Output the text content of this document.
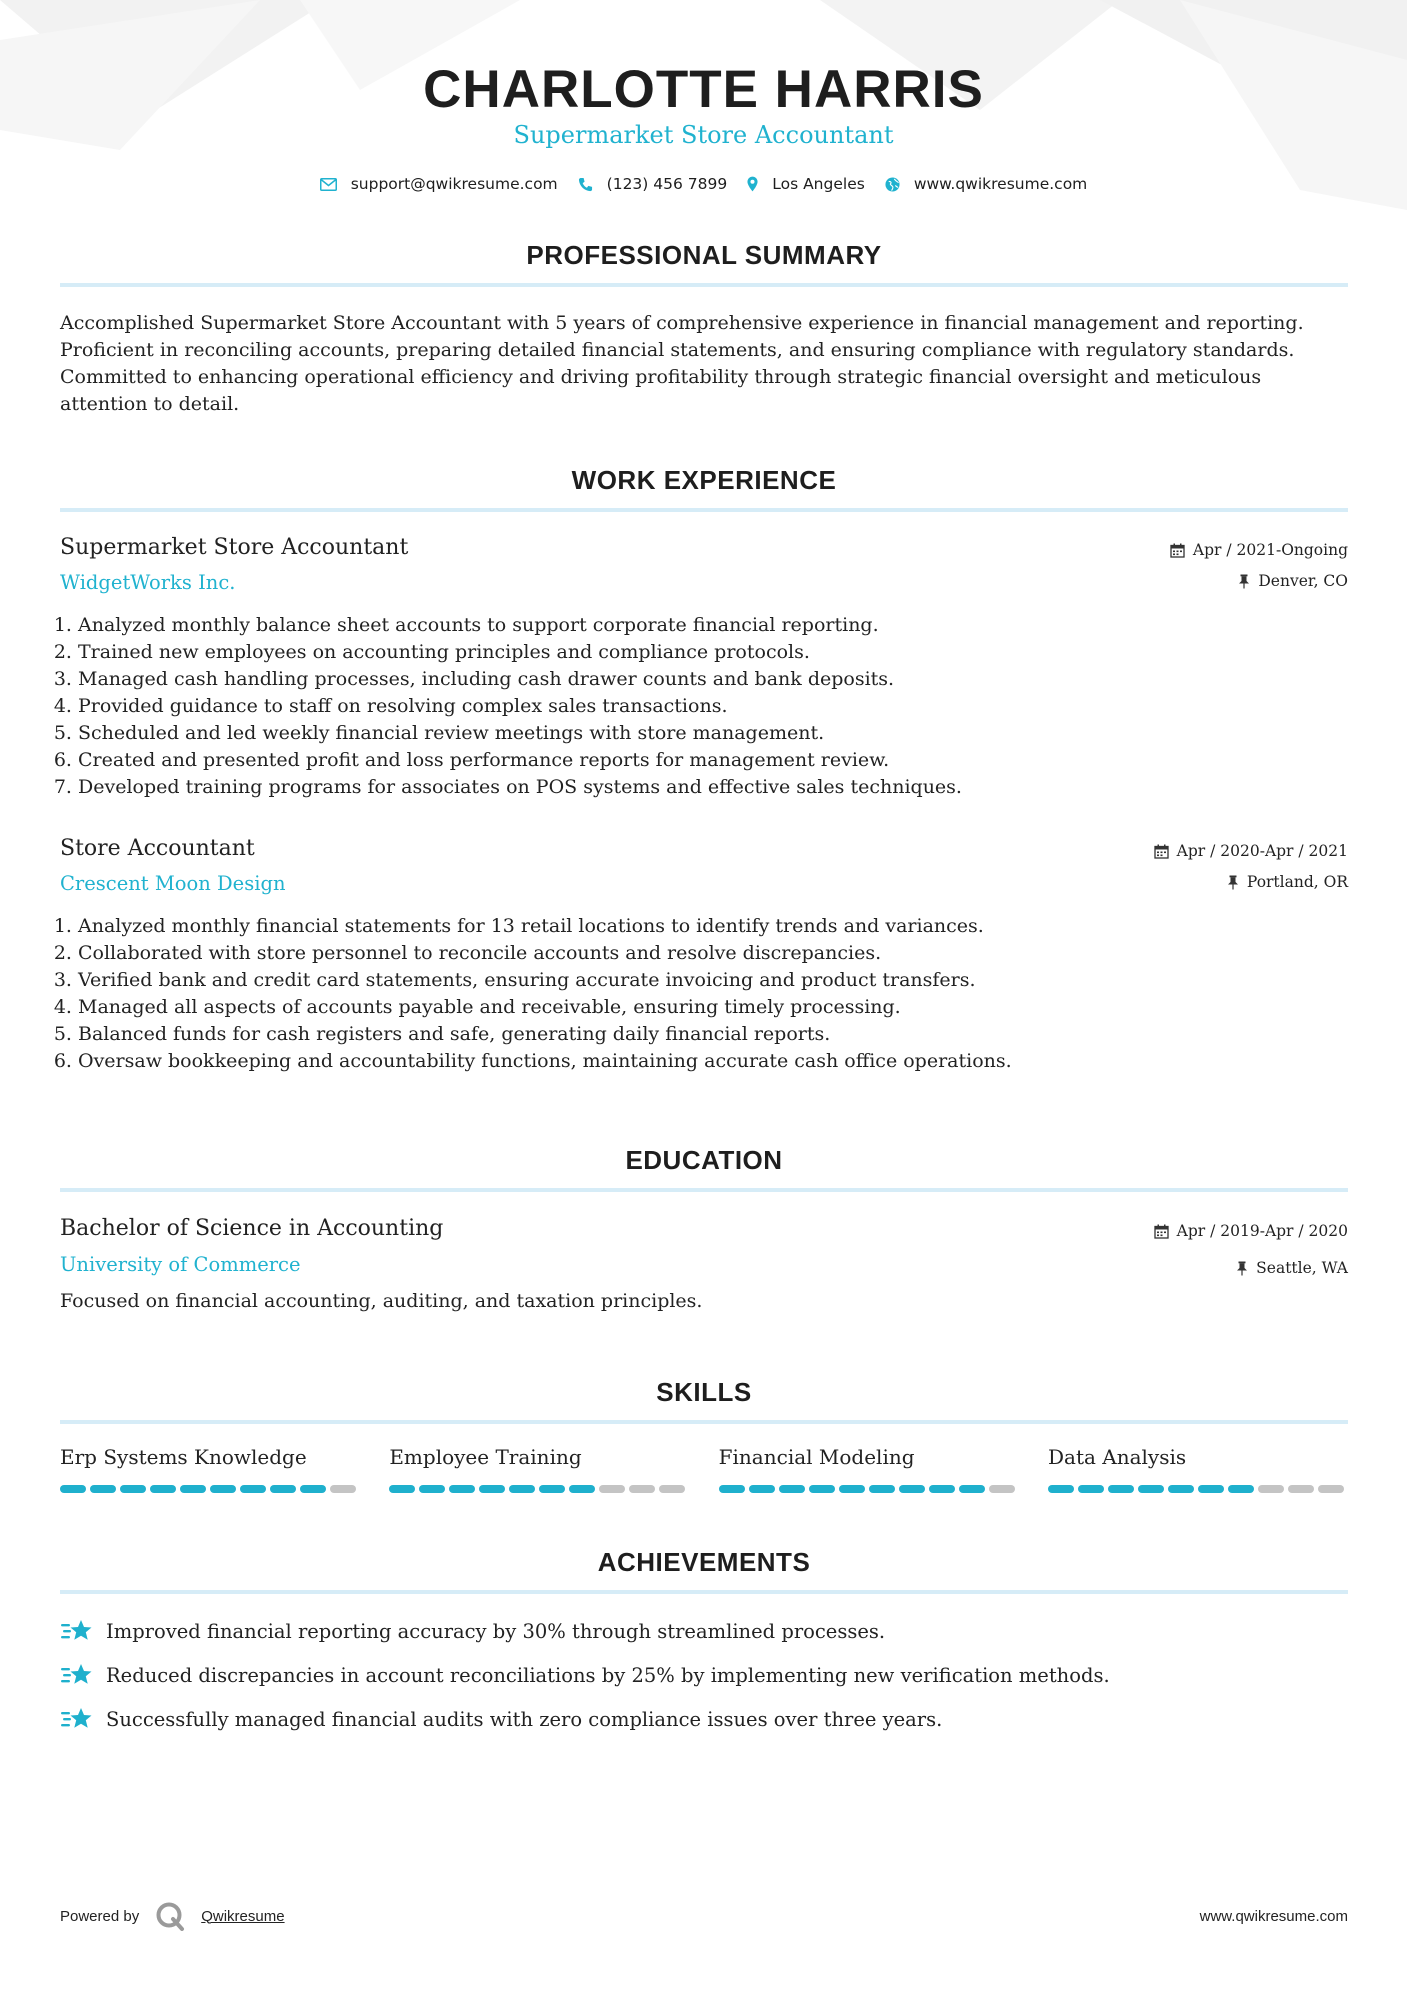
CHARLOTTE HARRIS
Supermarket Store Accountant
support@qwikresume.com	(123) 456 7899	Los Angeles	www.qwikresume.com
PROFESSIONAL SUMMARY
Accomplished Supermarket Store Accountant with 5 years of comprehensive experience in financial management and reporting. Proficient in reconciling accounts, preparing detailed financial statements, and ensuring compliance with regulatory standards. Committed to enhancing operational efficiency and driving profitability through strategic financial oversight and meticulous attention to detail.
WORK EXPERIENCE
Supermarket Store Accountant
WidgetWorks Inc.
Apr / 2021-Ongoing
Denver, CO
1. Analyzed monthly balance sheet accounts to support corporate financial reporting.
2. Trained new employees on accounting principles and compliance protocols.
3. Managed cash handling processes, including cash drawer counts and bank deposits.
4. Provided guidance to staff on resolving complex sales transactions.
5. Scheduled and led weekly financial review meetings with store management.
6. Created and presented profit and loss performance reports for management review.
7. Developed training programs for associates on POS systems and effective sales techniques.
Store Accountant
Crescent Moon Design
Apr / 2020-Apr / 2021
Portland, OR
1. Analyzed monthly financial statements for 13 retail locations to identify trends and variances.
2. Collaborated with store personnel to reconcile accounts and resolve discrepancies.
3. Verified bank and credit card statements, ensuring accurate invoicing and product transfers.
4. Managed all aspects of accounts payable and receivable, ensuring timely processing.
5. Balanced funds for cash registers and safe, generating daily financial reports.
6. Oversaw bookkeeping and accountability functions, maintaining accurate cash office operations.
EDUCATION
Bachelor of Science in Accounting
University of Commerce
Apr / 2019-Apr / 2020
Seattle, WA
Focused on financial accounting, auditing, and taxation principles.
SKILLS
Erp Systems Knowledge	Employee Training	Financial Modeling	Data Analysis
ACHIEVEMENTS
Improved financial reporting accuracy by 30% through streamlined processes.
Reduced discrepancies in account reconciliations by 25% by implementing new verification methods.
Successfully managed financial audits with zero compliance issues over three years.
Powered by	Qwikresume	www.qwikresume.com
